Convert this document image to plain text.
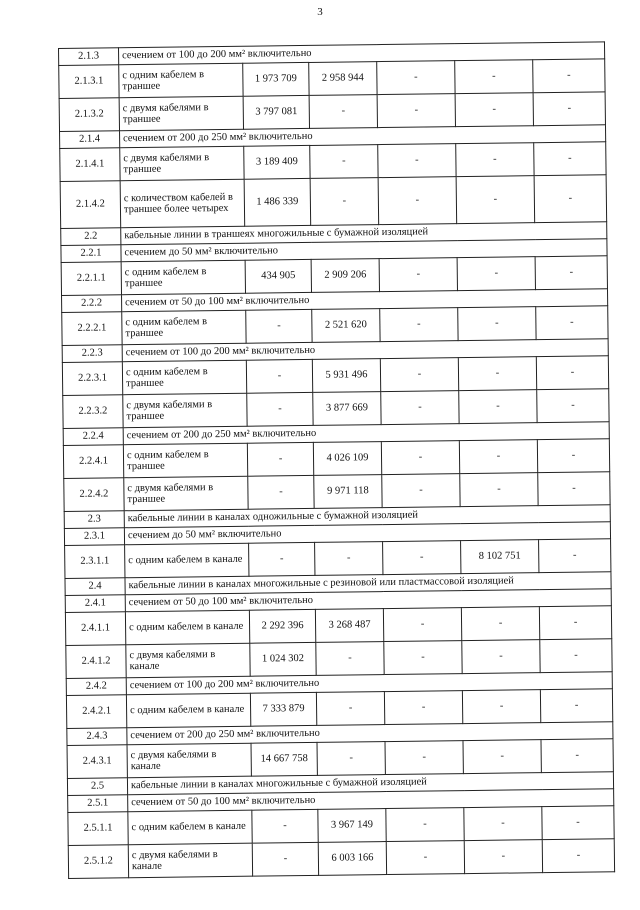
3
2.1.3	сечением от 100 до 200 мм² включительно					
2.1.3.1	с одним кабелем в траншее	1 973 709	2 958 944	-	-	-
2.1.3.2	с двумя кабелями в траншее	3 797 081	-	-	-	-
2.1.4	сечением от 200 до 250 мм² включительно					
2.1.4.1	с двумя кабелями в траншее	3 189 409	-	-	-	-
2.1.4.2	с количеством кабелей в траншее более четырех	1 486 339	-	-	-	-
2.2	кабельные линии в траншеях многожильные с бумажной изоляцией					
2.2.1	сечением до 50 мм² включительно					
2.2.1.1	с одним кабелем в траншее	434 905	2 909 206	-	-	-
2.2.2	сечением от 50 до 100 мм² включительно					
2.2.2.1	с одним кабелем в траншее	-	2 521 620	-	-	-
2.2.3	сечением от 100 до 200 мм² включительно					
2.2.3.1	с одним кабелем в траншее	-	5 931 496	-	-	-
2.2.3.2	с двумя кабелями в траншее	-	3 877 669	-	-	-
2.2.4	сечением от 200 до 250 мм² включительно					
2.2.4.1	с одним кабелем в траншее	-	4 026 109	-	-	-
2.2.4.2	с двумя кабелями в траншее	-	9 971 118	-	-	-
2.3	кабельные линии в каналах одножильные с бумажной изоляцией					
2.3.1	сечением до 50 мм² включительно					
2.3.1.1	с одним кабелем в канале	-	-	-	8 102 751	-
2.4	кабельные линии в каналах многожильные с резиновой или пластмассовой изоляцией					
2.4.1	сечением от 50 до 100 мм² включительно					
2.4.1.1	с одним кабелем в канале	2 292 396	3 268 487	-	-	-
2.4.1.2	с двумя кабелями в канале	1 024 302	-	-	-	-
2.4.2	сечением от 100 до 200 мм² включительно					
2.4.2.1	с одним кабелем в канале	7 333 879	-	-	-	-
2.4.3	сечением от 200 до 250 мм² включительно					
2.4.3.1	с двумя кабелями в канале	14 667 758	-	-	-	-
2.5	кабельные линии в каналах многожильные с бумажной изоляцией					
2.5.1	сечением от 50 до 100 мм² включительно					
2.5.1.1	с одним кабелем в канале	-	3 967 149	-	-	-
2.5.1.2	с двумя кабелями в канале	-	6 003 166	-	-	-
